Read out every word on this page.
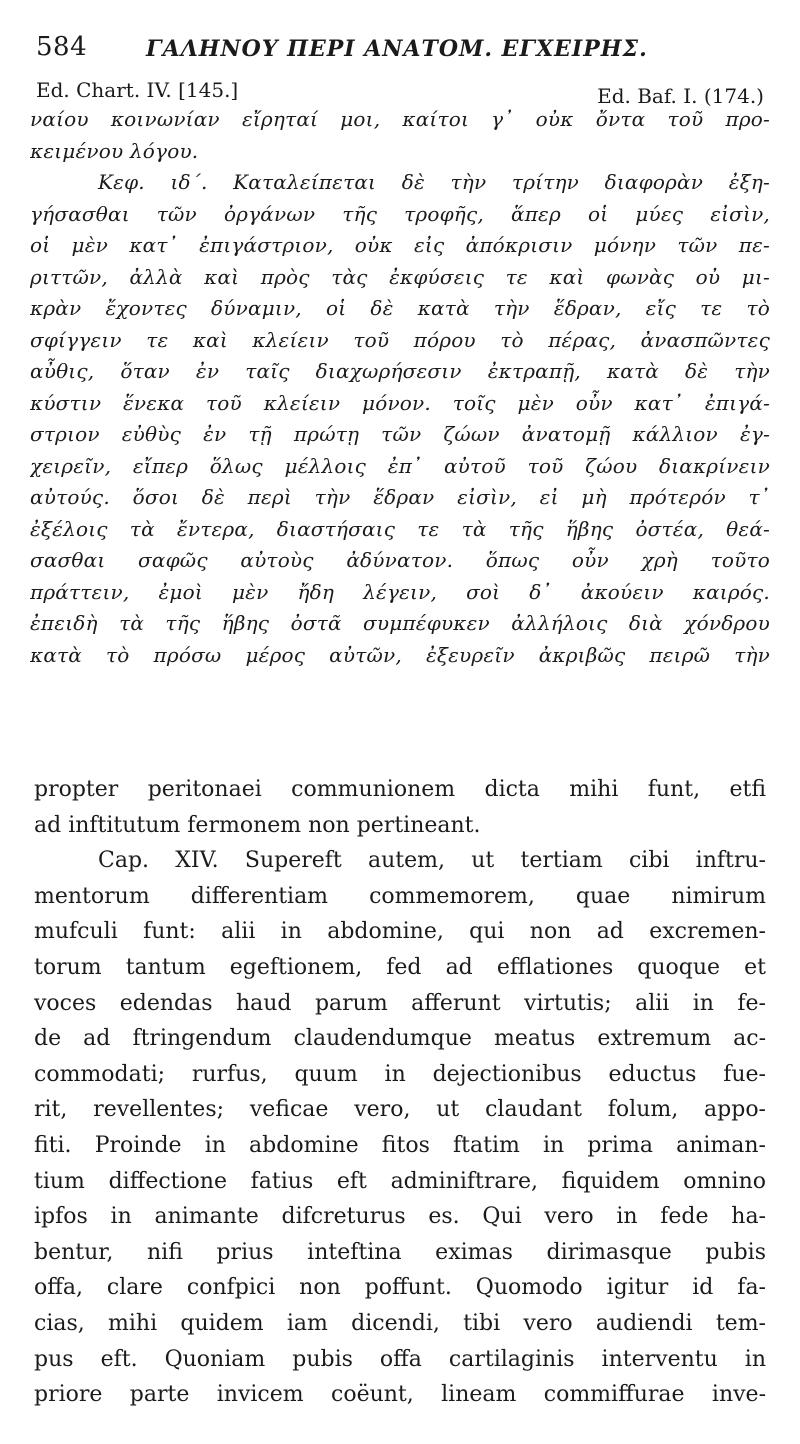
584	ΓΑΛΗΝΟΥ ΠΕΡΙ ΑΝΑΤΟΜ. ΕΓΧΕΙΡΗΣ.
Ed. Chart. IV. [145.]	Ed. Baf. I. (174.)
ναίου κοινωνίαν εἴρηταί μοι, καίτοι γ᾽ οὐκ ὄντα τοῦ προ-
κειμένου λόγου.
Κεφ. ιδ΄. Καταλείπεται δὲ τὴν τρίτην διαφορὰν ἐξη-
γήσασθαι τῶν ὀργάνων τῆς τροφῆς, ἅπερ οἱ μύες εἰσὶν,
οἱ μὲν κατ᾽ ἐπιγάστριον, οὐκ εἰς ἀπόκρισιν μόνην τῶν πε-
ριττῶν, ἀλλὰ καὶ πρὸς τὰς ἐκφύσεις τε καὶ φωνὰς οὐ μι-
κρὰν ἔχοντες δύναμιν, οἱ δὲ κατὰ τὴν ἕδραν, εἴς τε τὸ
σφίγγειν τε καὶ κλείειν τοῦ πόρου τὸ πέρας, ἀνασπῶντες
αὖθις, ὅταν ἐν ταῖς διαχωρήσεσιν ἐκτραπῇ, κατὰ δὲ τὴν
κύστιν ἕνεκα τοῦ κλείειν μόνον. τοῖς μὲν οὖν κατ᾽ ἐπιγά-
στριον εὐθὺς ἐν τῇ πρώτῃ τῶν ζώων ἀνατομῇ κάλλιον ἐγ-
χειρεῖν, εἴπερ ὅλως μέλλοις ἐπ᾽ αὐτοῦ τοῦ ζώου διακρίνειν
αὐτούς. ὅσοι δὲ περὶ τὴν ἕδραν εἰσὶν, εἰ μὴ πρότερόν τ᾽
ἐξέλοις τὰ ἔντερα, διαστήσαις τε τὰ τῆς ἥβης ὀστέα, θεά-
σασθαι σαφῶς αὐτοὺς ἀδύνατον. ὅπως οὖν χρὴ τοῦτο
πράττειν, ἐμοὶ μὲν ἤδη λέγειν, σοὶ δ᾽ ἀκούειν καιρός.
ἐπειδὴ τὰ τῆς ἥβης ὀστᾶ συμπέφυκεν ἀλλήλοις διὰ χόνδρου
κατὰ τὸ πρόσω μέρος αὐτῶν, ἐξευρεῖν ἀκριβῶς πειρῶ τὴν
propter peritonaei communionem dicta mihi funt, etfi
ad inftitutum fermonem non pertineant.
Cap. XIV. Supereft autem, ut tertiam cibi inftru-
mentorum differentiam commemorem, quae nimirum
mufculi funt: alii in abdomine, qui non ad excremen-
torum tantum egeftionem, fed ad efflationes quoque et
voces edendas haud parum afferunt virtutis; alii in fe-
de ad ftringendum claudendumque meatus extremum ac-
commodati; rurfus, quum in dejectionibus eductus fue-
rit, revellentes; veficae vero, ut claudant folum, appo-
fiti. Proinde in abdomine fitos ftatim in prima animan-
tium diffectione fatius eft adminiftrare, fiquidem omnino
ipfos in animante difcreturus es. Qui vero in fede ha-
bentur, nifi prius inteftina eximas dirimasque pubis
offa, clare confpici non poffunt. Quomodo igitur id fa-
cias, mihi quidem iam dicendi, tibi vero audiendi tem-
pus eft. Quoniam pubis offa cartilaginis interventu in
priore parte invicem coëunt, lineam commiffurae inve-
